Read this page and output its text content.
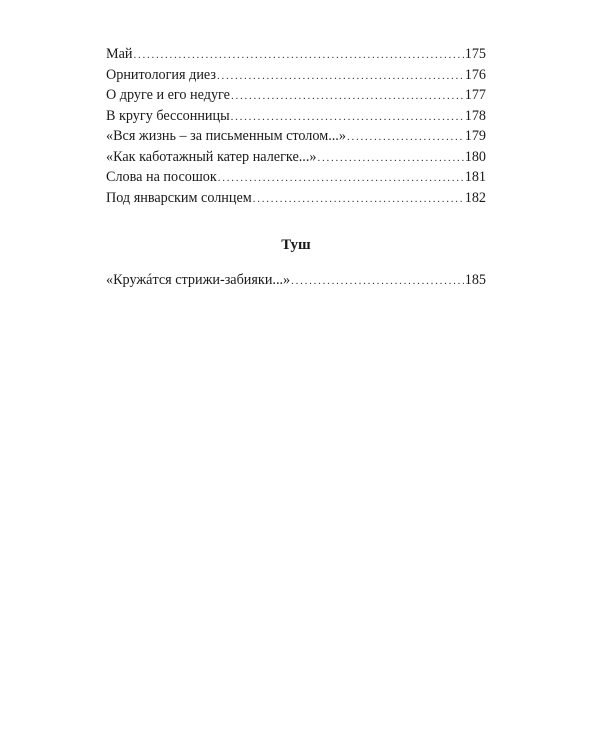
Май . . .	175
Орнитология диез . . .	176
О друге и его недуге . . .	177
В кругу бессонницы . . .	178
«Вся жизнь – за письменным столом...» . . .	179
«Как каботажный катер налегке...» . . .	180
Слова на посошок . . .	181
Под январским солнцем . . .	182
Туш
«Кружáтся стрижи-забияки...» . . .	185
